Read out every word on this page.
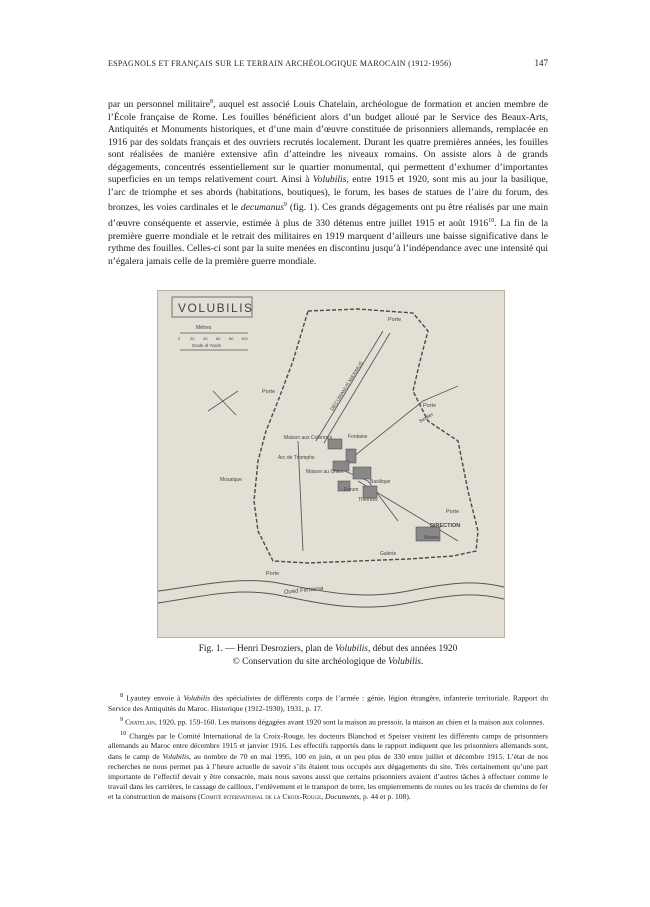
ESPAGNOLS ET FRANÇAIS SUR LE TERRAIN ARCHÉOLOGIQUE MAROCAIN (1912-1956)	147

par un personnel militaire$^8$, auquel est associé Louis Chatelain, archéologue de formation et ancien membre de l’École française de Rome. Les fouilles bénéficient alors d’un budget alloué par le Service des Beaux-Arts, Antiquités et Monuments historiques, et d’une main d’œuvre constituée de prisonniers allemands, remplacée en 1916 par des soldats français et des ouvriers recrutés localement. Durant les quatre premières années, les fouilles sont réalisées de manière extensive afin d’atteindre les niveaux romains. On assiste alors à de grands dégagements, concentrés essentiellement sur le quartier monumental, qui permettent d’exhumer d’importantes superficies en un temps relativement court. Ainsi à Volubilis, entre 1915 et 1920, sont mis au jour la basilique, l’arc de triomphe et ses abords (habitations, boutiques), le forum, les bases de statues de l’aire du forum, des bronzes, les voies cardinales et le decumanus$^9$ (fig. 1). Ces grands dégagements ont pu être réalisés par une main d’œuvre conséquente et asservie, estimée à plus de 330 détenus entre juillet 1915 et août 1916$^{10}$. La fin de la première guerre mondiale et le retrait des militaires en 1919 marquent d’ailleurs une baisse significative dans le rythme des fouilles. Celles-ci sont par la suite menées en discontinu jusqu’à l’indépendance avec une intensité qui n’égalera jamais celle de la première guerre mondiale.

VOLUBILIS
Mètres
0 20 40 60 80 100
Scale of Yards
DECUMANUS MAXIMUS
Sentier
Porte
Porte
Porte
Porte
Porte
Fontaine
Maison aux Colonnes
Arc de Triomphe
Maison au Chien
Basilique
Mosaïque
Forum
Thermes
DIRECTION
Musée
Galerie
Oued Fertassa
Fig. 1. — Henri Desroziers, plan de Volubilis, début des années 1920
© Conservation du site archéologique de Volubilis.

$^8$ Lyautey envoie à Volubilis des spécialistes de différents corps de l’armée : génie, légion étrangère, infanterie territoriale. Rapport du Service des Antiquités du Maroc. Historique (1912-1930), 1931, p. 17.

$^9$ Chatelain, 1920, pp. 159-160. Les maisons dégagées avant 1920 sont la maison au pressoir, la maison au chien et la maison aux colonnes.

$^{10}$ Chargés par le Comité International de la Croix-Rouge, les docteurs Blanchod et Speiser visitent les différents camps de prisonniers allemands au Maroc entre décembre 1915 et janvier 1916. Les effectifs rapportés dans le rapport indiquent que les prisonniers allemands sont, dans le camp de Volubilis, au nombre de 70 en mai 1995, 100 en juin, et un peu plus de 330 entre juillet et décembre 1915. L’état de nos recherches ne nous permet pas à l’heure actuelle de savoir s’ils étaient tous occupés aux dégagements du site. Très certainement qu’une part importante de l’effectif devait y être consacrée, mais nous savons aussi que certains prisonniers avaient d’autres tâches à effectuer comme le travail dans les carrières, le cassage de cailloux, l’enlèvement et le transport de terre, les empierrements de routes ou les tracés de chemins de fer et la construction de maisons (Comité international de la Croix-Rouge, Documents, p. 44 et p. 108).
